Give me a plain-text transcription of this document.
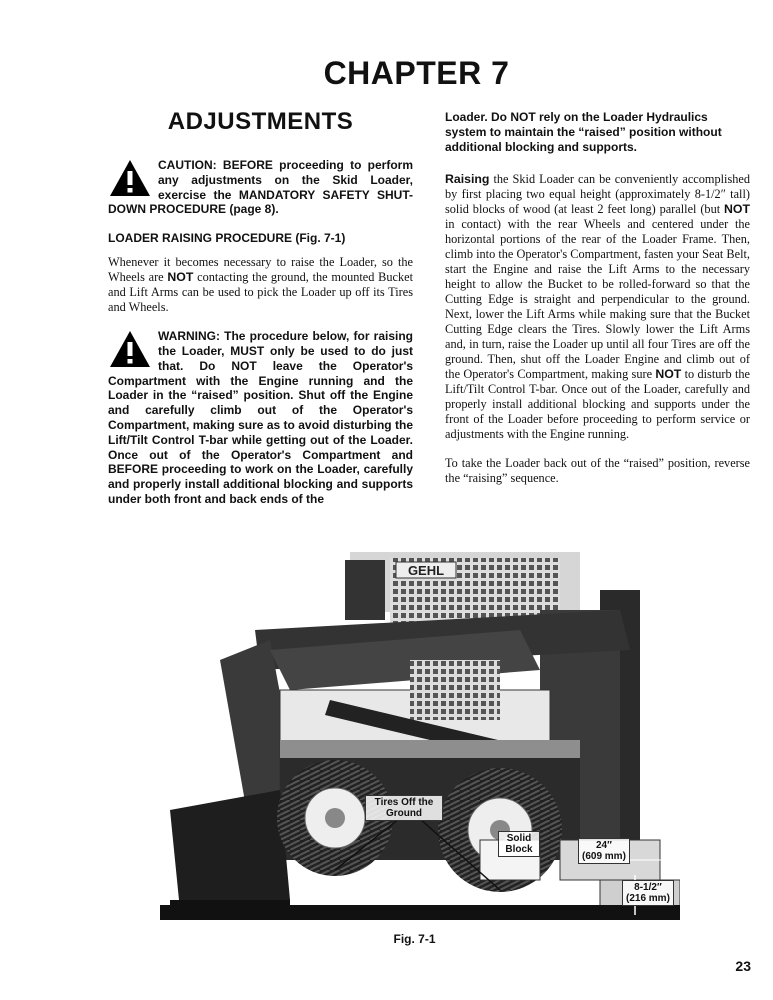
CHAPTER 7
ADJUSTMENTS
CAUTION: BEFORE proceeding to perform any adjustments on the Skid Loader, exercise the MANDATORY SAFETY SHUT-DOWN PROCEDURE (page 8).
LOADER RAISING PROCEDURE (Fig. 7-1)

Whenever it becomes necessary to raise the Loader, so the Wheels are NOT contacting the ground, the mounted Bucket and Lift Arms can be used to pick the Loader up off its Tires and Wheels.

WARNING: The procedure below, for raising the Loader, MUST only be used to do just that. Do NOT leave the Operator's Compartment with the Engine running and the Loader in the “raised” position. Shut off the Engine and carefully climb out of the Operator's Compartment, making sure as to avoid disturbing the Lift/Tilt Control T-bar while getting out of the Loader. Once out of the Operator's Compartment and BEFORE proceeding to work on the Loader, carefully and properly install additional blocking and supports under both front and back ends of the
Loader. Do NOT rely on the Loader Hydraulics system to maintain the “raised” position without additional blocking and supports.

Raising the Skid Loader can be conveniently accomplished by first placing two equal height (approximately 8-1/2″ tall) solid blocks of wood (at least 2 feet long) parallel (but NOT in contact) with the rear Wheels and centered under the horizontal portions of the rear of the Loader Frame. Then, climb into the Operator's Compartment, fasten your Seat Belt, start the Engine and raise the Lift Arms to the necessary height to allow the Bucket to be rolled-forward so that the Cutting Edge is straight and perpendicular to the ground. Next, lower the Lift Arms while making sure that the Bucket Cutting Edge clears the Tires. Slowly lower the Lift Arms and, in turn, raise the Loader up until all four Tires are off the ground. Then, shut off the Loader Engine and climb out of the Operator's Compartment, making sure NOT to disturb the Lift/Tilt Control T-bar. Once out of the Loader, carefully and properly install additional blocking and supports under the front of the Loader before proceeding to perform service or adjustments with the Engine running.

To take the Loader back out of the “raised” position, reverse the “raising” sequence.

GEHL
Tires Off the Ground
Solid Block	24″
(609 mm)
8-1/2″
(216 mm)
Fig. 7-1
23
